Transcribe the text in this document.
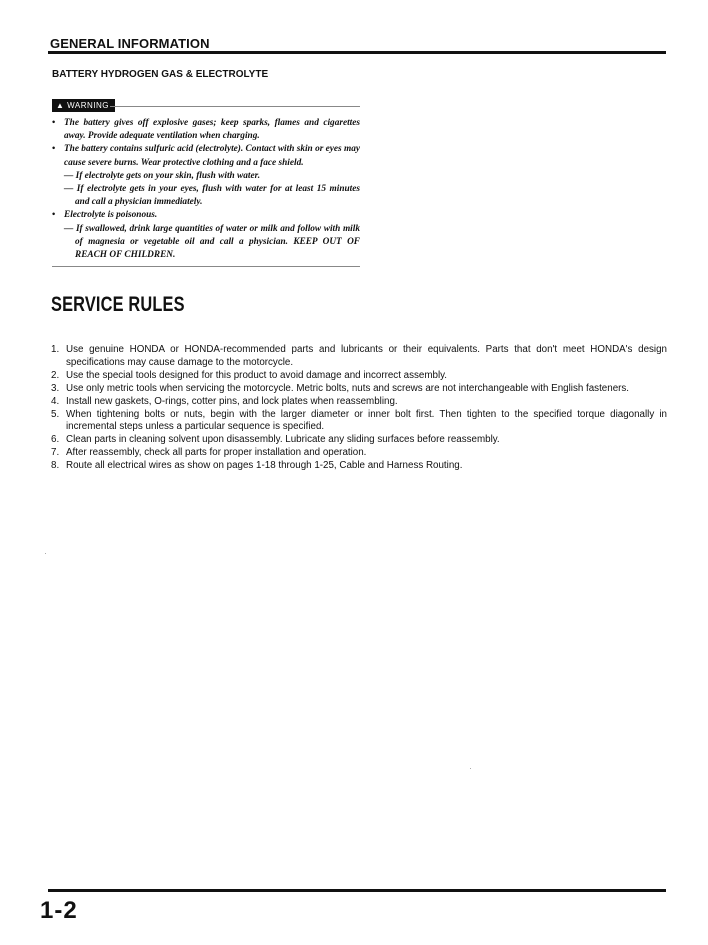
GENERAL INFORMATION
BATTERY HYDROGEN GAS & ELECTROLYTE
▲ WARNING
• The battery gives off explosive gases; keep sparks, flames and cigarettes away. Provide adequate ventilation when charging.
• The battery contains sulfuric acid (electrolyte). Contact with skin or eyes may cause severe burns. Wear protective clothing and a face shield.
— If electrolyte gets on your skin, flush with water.
— If electrolyte gets in your eyes, flush with water for at least 15 minutes and call a physician immediately.
• Electrolyte is poisonous.
— If swallowed, drink large quantities of water or milk and follow with milk of magnesia or vegetable oil and call a physician. KEEP OUT OF REACH OF CHILDREN.
SERVICE RULES
1. Use genuine HONDA or HONDA-recommended parts and lubricants or their equivalents. Parts that don't meet HONDA's design specifications may cause damage to the motorcycle.
2. Use the special tools designed for this product to avoid damage and incorrect assembly.
3. Use only metric tools when servicing the motorcycle. Metric bolts, nuts and screws are not interchangeable with English fasteners.
4. Install new gaskets, O-rings, cotter pins, and lock plates when reassembling.
5. When tightening bolts or nuts, begin with the larger diameter or inner bolt first. Then tighten to the specified torque diagonally in incremental steps unless a particular sequence is specified.
6. Clean parts in cleaning solvent upon disassembly. Lubricate any sliding surfaces before reassembly.
7. After reassembly, check all parts for proper installation and operation.
8. Route all electrical wires as show on pages 1-18 through 1-25, Cable and Harness Routing.
1-2
